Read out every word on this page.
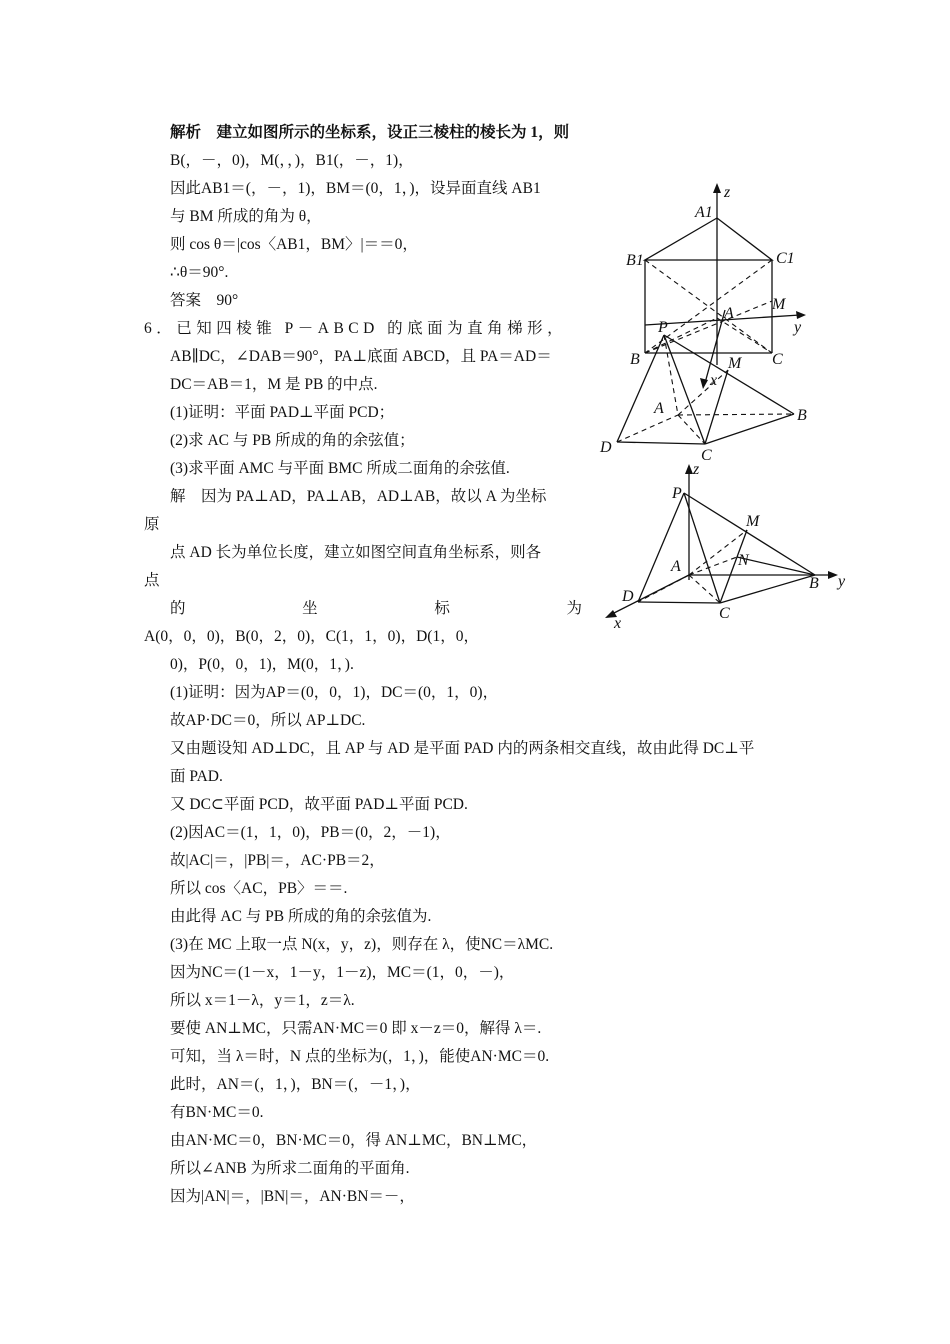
解析　建立如图所示的坐标系，设正三棱柱的棱长为 1，则
B(，－，0)，M(，，)，B1(，－，1)，
因此AB1＝(，－，1)，BM＝(0，1，)，设异面直线 AB1
与 BM 所成的角为 θ，
则 cos θ＝|cos〈AB1，BM〉|＝＝0，
∴θ＝90°.
答案　90°
6．已知四棱锥 P－ABCD 的底面为直角梯形，
AB∥DC，∠DAB＝90°，PA⊥底面 ABCD，且 PA＝AD＝
DC＝AB＝1，M 是 PB 的中点.
(1)证明：平面 PAD⊥平面 PCD；
(2)求 AC 与 PB 所成的角的余弦值；
(3)求平面 AMC 与平面 BMC 所成二面角的余弦值.
解　因为 PA⊥AD，PA⊥AB，AD⊥AB，故以 A 为坐标
原
点 AD 长为单位长度，建立如图空间直角坐标系，则各
点
的	坐	标	为
A(0，0，0)，B(0，2，0)，C(1，1，0)，D(1，0，
0)，P(0，0，1)，M(0，1，).
(1)证明：因为AP＝(0，0，1)，DC＝(0，1，0)，
故AP·DC＝0，所以 AP⊥DC.
又由题设知 AD⊥DC，且 AP 与 AD 是平面 PAD 内的两条相交直线，故由此得 DC⊥平
面 PAD.
又 DC⊂平面 PCD，故平面 PAD⊥平面 PCD.
(2)因AC＝(1，1，0)，PB＝(0，2，－1)，
故|AC|＝，|PB|＝，AC·PB＝2，
所以 cos〈AC，PB〉＝＝.
由此得 AC 与 PB 所成的角的余弦值为.
(3)在 MC 上取一点 N(x，y，z)，则存在 λ，使NC＝λMC.
因为NC＝(1－x，1－y，1－z)，MC＝(1，0，－)，
所以 x＝1－λ，y＝1，z＝λ.
要使 AN⊥MC，只需AN·MC＝0 即 x－z＝0，解得 λ＝.
可知，当 λ＝时，N 点的坐标为(，1，)，能使AN·MC＝0.
此时，AN＝(，1，)，BN＝(，－1，)，
有BN·MC＝0.
由AN·MC＝0，BN·MC＝0，得 AN⊥MC，BN⊥MC，
所以∠ANB 为所求二面角的平面角.
因为|AN|＝，|BN|＝，AN·BN＝－，
z
y
x
A1
B1	C1
A
B	C
M
P
M
A	B
C
D
z
y
x
P
M
N
A
B
C
D
